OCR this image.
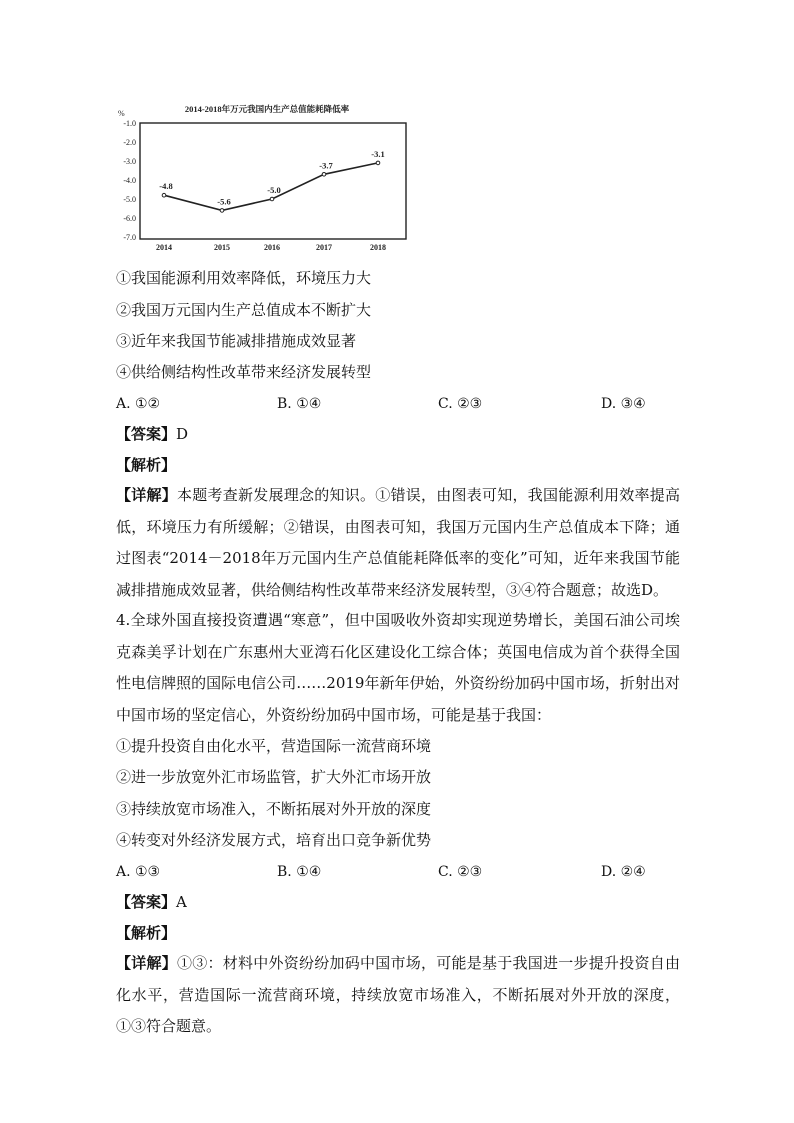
2014-2018年万元我国内生产总值能耗降低率
%
-1.0
-2.0
-3.0
-4.0
-5.0
-6.0
-7.0
2014	2015	2016	2017	2018
-4.8
-5.6
-5.0
-3.7
-3.1
①我国能源利用效率降低，环境压力大
②我国万元国内生产总值成本不断扩大
③近年来我国节能减排措施成效显著
④供给侧结构性改革带来经济发展转型
A. ①②	B. ①④	C. ②③	D. ③④
【答案】D
【解析】
【详解】本题考查新发展理念的知识。①错误，由图表可知，我国能源利用效率提高低，环境压力有所缓解；②错误，由图表可知，我国万元国内生产总值成本下降；通过图表“2014－2018年万元国内生产总值能耗降低率的变化”可知，近年来我国节能减排措施成效显著，供给侧结构性改革带来经济发展转型，③④符合题意；故选D。
4.全球外国直接投资遭遇“寒意”，但中国吸收外资却实现逆势增长，美国石油公司埃克森美孚计划在广东惠州大亚湾石化区建设化工综合体；英国电信成为首个获得全国性电信牌照的国际电信公司……2019年新年伊始，外资纷纷加码中国市场，折射出对中国市场的坚定信心，外资纷纷加码中国市场，可能是基于我国：
①提升投资自由化水平，营造国际一流营商环境
②进一步放宽外汇市场监管，扩大外汇市场开放
③持续放宽市场准入，不断拓展对外开放的深度
④转变对外经济发展方式，培育出口竞争新优势
A. ①③	B. ①④	C. ②③	D. ②④
【答案】A
【解析】
【详解】①③：材料中外资纷纷加码中国市场，可能是基于我国进一步提升投资自由化水平，营造国际一流营商环境，持续放宽市场准入，不断拓展对外开放的深度，①③符合题意。
